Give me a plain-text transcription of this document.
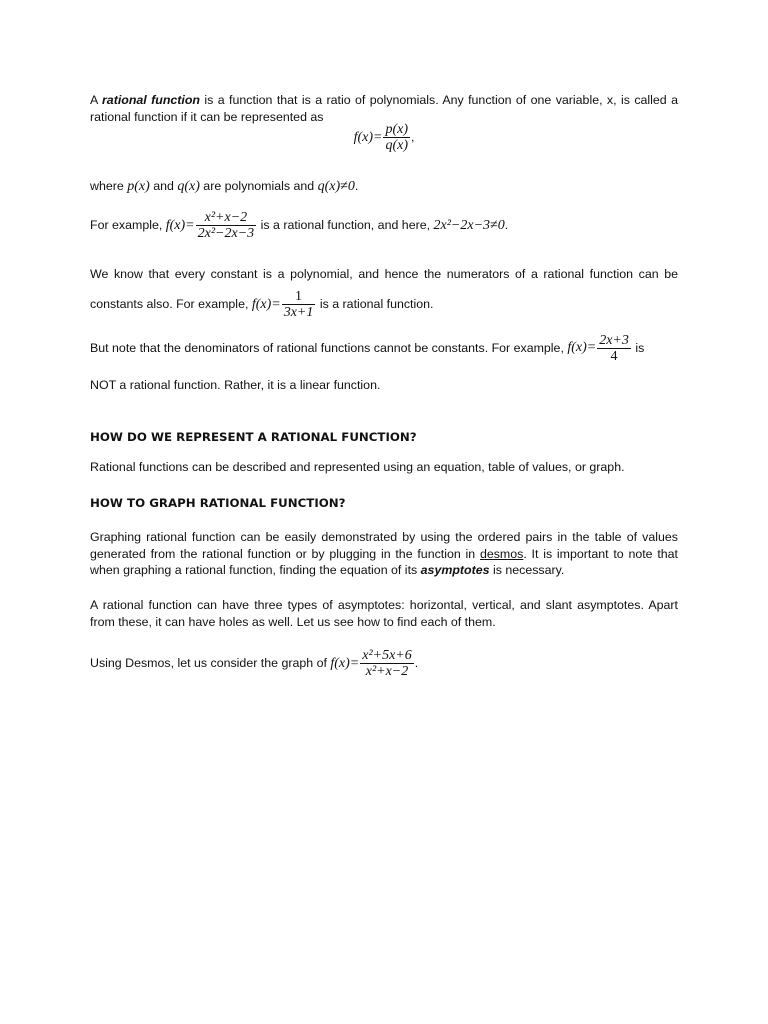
A rational function is a function that is a ratio of polynomials. Any function of one variable, x, is called a rational function if it can be represented as

$f(x)= \frac{p(x)}{q(x)}$ ,
where p(x) and q(x) are polynomials and q(x)≠0.
For example, $f(x)= \frac{\text{x²+x−2}}{\text{2x²−2x−3}}$ is a rational function, and here, 2x²−2x−3≠0.
We know that every constant is a polynomial, and hence the numerators of a rational function can be
constants also. For example, $f(x)= \frac{1}{3x+1}$ is a rational function.
But note that the denominators of rational functions cannot be constants. For example, $f(x)= \frac{2x+3}{4}$ is
NOT a rational function. Rather, it is a linear function.
HOW DO WE REPRESENT A RATIONAL FUNCTION?
Rational functions can be described and represented using an equation, table of values, or graph.
HOW TO GRAPH RATIONAL FUNCTION?

Graphing rational function can be easily demonstrated by using the ordered pairs in the table of values generated from the rational function or by plugging in the function in desmos. It is important to note that when graphing a rational function, finding the equation of its asymptotes is necessary.

A rational function can have three types of asymptotes: horizontal, vertical, and slant asymptotes. Apart from these, it can have holes as well. Let us see how to find each of them.

Using Desmos, let us consider the graph of $f(x)= \frac{\text{x²+5x+6}}{\text{x²+x−2}}$ .
